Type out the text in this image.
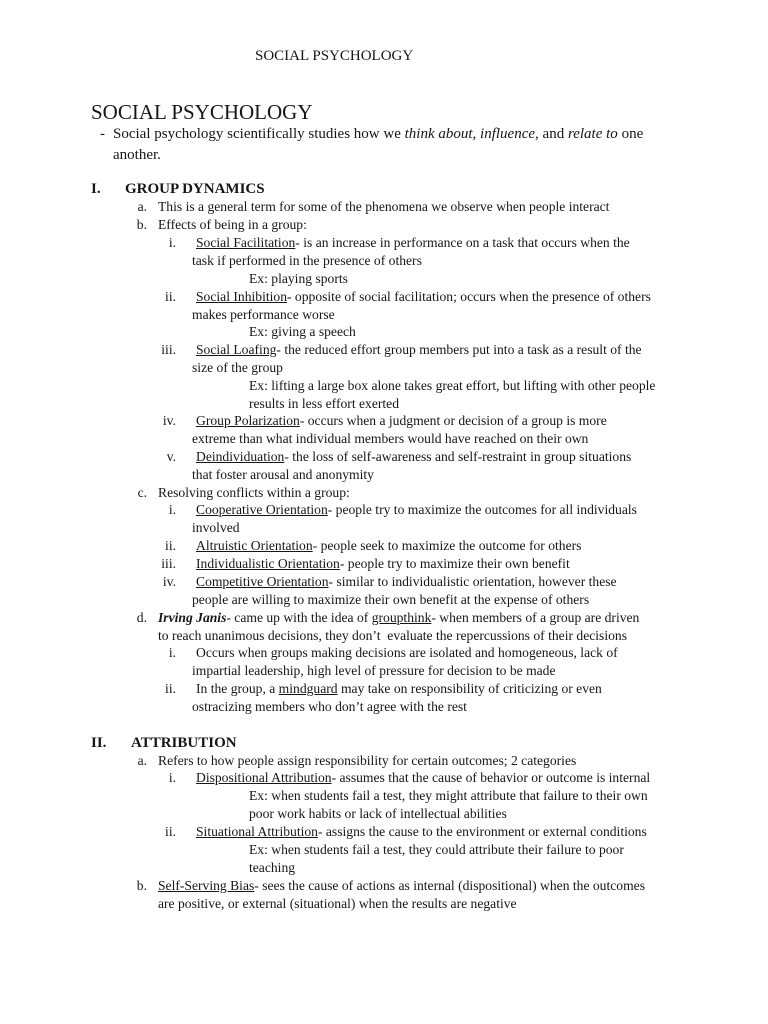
SOCIAL PSYCHOLOGY
SOCIAL PSYCHOLOGY
- Social psychology scientifically studies how we think about, influence, and relate to one
another.
I. GROUP DYNAMICS
a. This is a general term for some of the phenomena we observe when people interact
b. Effects of being in a group:
i. Social Facilitation- is an increase in performance on a task that occurs when the
task if performed in the presence of others
Ex: playing sports
ii. Social Inhibition- opposite of social facilitation; occurs when the presence of others
makes performance worse
Ex: giving a speech
iii. Social Loafing- the reduced effort group members put into a task as a result of the
size of the group
Ex: lifting a large box alone takes great effort, but lifting with other people
results in less effort exerted
iv. Group Polarization- occurs when a judgment or decision of a group is more
extreme than what individual members would have reached on their own
v. Deindividuation- the loss of self-awareness and self-restraint in group situations
that foster arousal and anonymity
c. Resolving conflicts within a group:
i. Cooperative Orientation- people try to maximize the outcomes for all individuals
involved
ii. Altruistic Orientation- people seek to maximize the outcome for others
iii. Individualistic Orientation- people try to maximize their own benefit
iv. Competitive Orientation- similar to individualistic orientation, however these
people are willing to maximize their own benefit at the expense of others
d. Irving Janis- came up with the idea of groupthink- when members of a group are driven
to reach unanimous decisions, they don’t  evaluate the repercussions of their decisions
i. Occurs when groups making decisions are isolated and homogeneous, lack of
impartial leadership, high level of pressure for decision to be made
ii. In the group, a mindguard may take on responsibility of criticizing or even
ostracizing members who don’t agree with the rest
II. ATTRIBUTION
a. Refers to how people assign responsibility for certain outcomes; 2 categories
i. Dispositional Attribution- assumes that the cause of behavior or outcome is internal
Ex: when students fail a test, they might attribute that failure to their own
poor work habits or lack of intellectual abilities
ii. Situational Attribution- assigns the cause to the environment or external conditions
Ex: when students fail a test, they could attribute their failure to poor
teaching
b. Self-Serving Bias- sees the cause of actions as internal (dispositional) when the outcomes
are positive, or external (situational) when the results are negative
